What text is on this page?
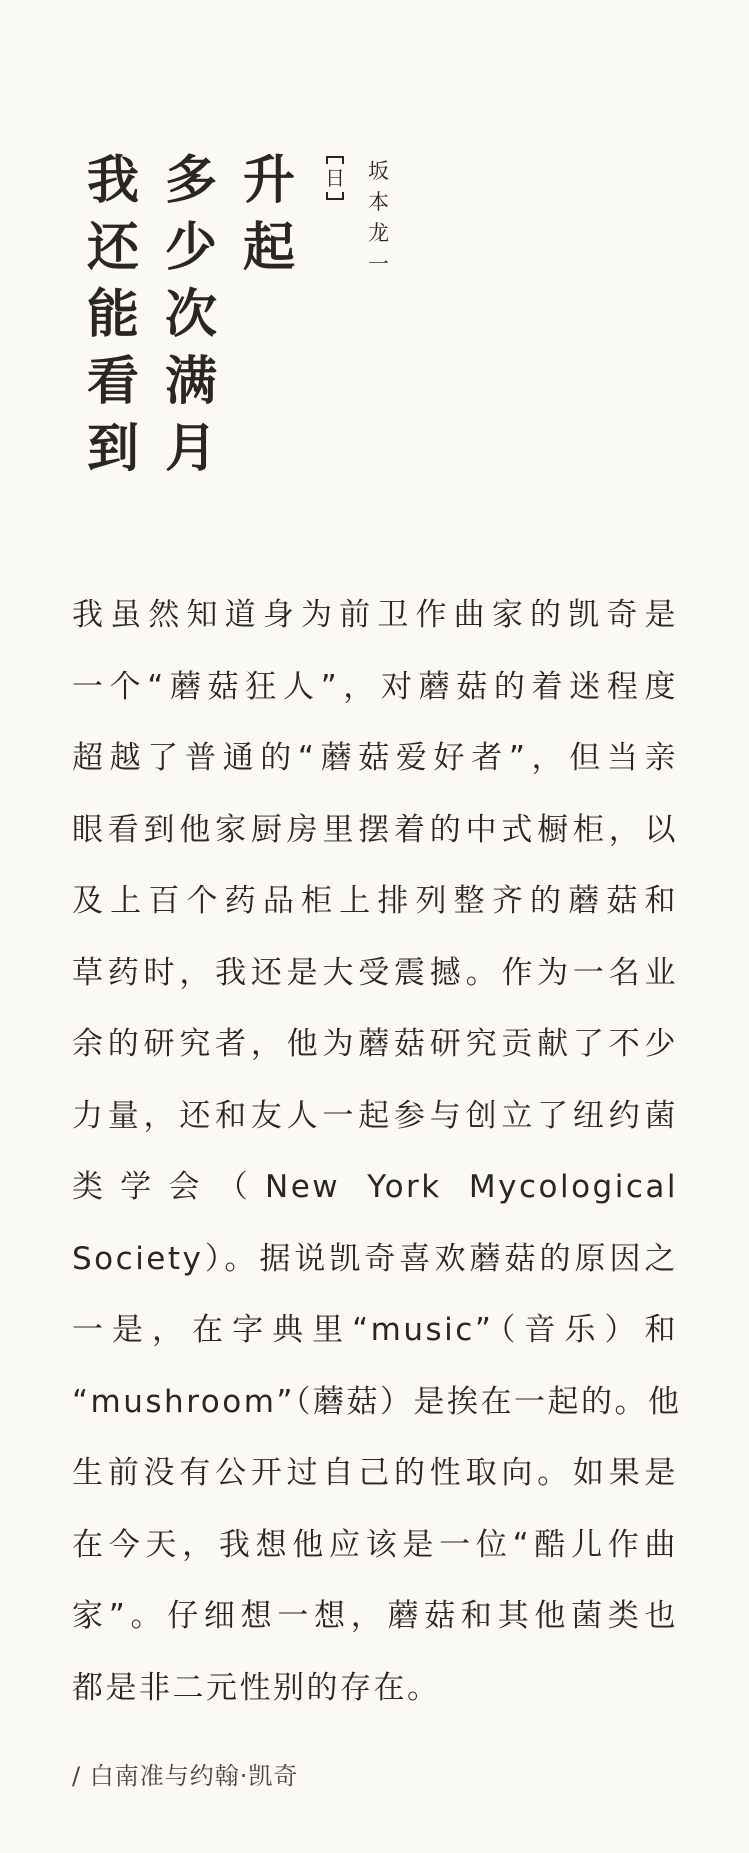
升
起
多
少
次
满
月
我
还
能
看
到
日 坂
本
龙
一
我虽然知道身为前卫作曲家的凯奇是
一个“蘑菇狂人”，对蘑菇的着迷程度
超越了普通的“蘑菇爱好者”，但当亲
眼看到他家厨房里摆着的中式橱柜，以
及上百个药品柜上排列整齐的蘑菇和
草药时，我还是大受震撼。作为一名业
余的研究者，他为蘑菇研究贡献了不少
力量，还和友人一起参与创立了纽约菌
类学会（New York Mycological
Society）。据说凯奇喜欢蘑菇的原因之
一是，在字典里“music”（音乐）和
“mushroom”（蘑菇）是挨在一起的。他
生前没有公开过自己的性取向。如果是
在今天，我想他应该是一位“酷儿作曲
家”。仔细想一想，蘑菇和其他菌类也
都是非二元性别的存在。
/ 白南准与约翰·凯奇
